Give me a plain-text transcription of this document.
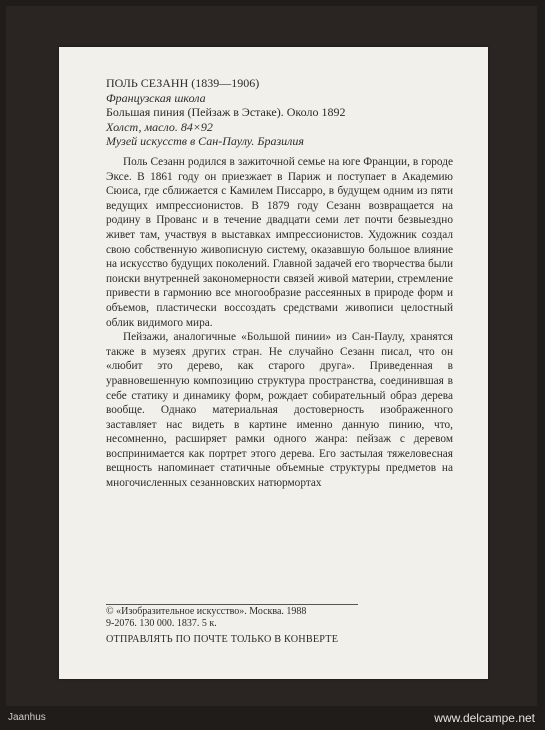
ПОЛЬ СЕЗАНН (1839—1906)
Французская школа
Большая пиния (Пейзаж в Эстаке). Около 1892
Холст, масло. 84×92
Музей искусств в Сан-Паулу. Бразилия

Поль Сезанн родился в зажиточной семье на юге Франции, в городе Эксе. В 1861 году он приезжает в Париж и поступает в Академию Сюиса, где сближается с Камилем Писсарро, в будущем одним из пяти ведущих импрессионистов. В 1879 году Сезанн возвращается на родину в Прованс и в течение двадцати семи лет почти безвыездно живет там, участвуя в выставках импрессионистов. Художник создал свою собственную живописную систему, оказавшую большое влияние на искусство будущих поколений. Главной задачей его творчества были поиски внутренней закономерности связей живой материи, стремление привести в гармонию все многообразие рассеянных в природе форм и объемов, пластически воссоздать средствами живописи целостный облик видимого мира.

Пейзажи, аналогичные «Большой пинии» из Сан-Паулу, хранятся также в музеях других стран. Не случайно Сезанн писал, что он «любит это дерево, как старого друга». Приведенная в уравновешенную композицию структура пространства, соединившая в себе статику и динамику форм, рождает собирательный образ дерева вообще. Однако материальная достоверность изображенного заставляет нас видеть в картине именно данную пинию, что, несомненно, расширяет рамки одного жанра: пейзаж с деревом воспринимается как портрет этого дерева. Его застылая тяжеловесная вещность напоминает статичные объемные структуры предметов на многочисленных сезанновских натюрмортах

© «Изобразительное искусство». Москва. 1988
9-2076. 130 000. 1837. 5 к.
ОТПРАВЛЯТЬ ПО ПОЧТЕ ТОЛЬКО В КОНВЕРТЕ
Jaanhus	www.delcampe.net
